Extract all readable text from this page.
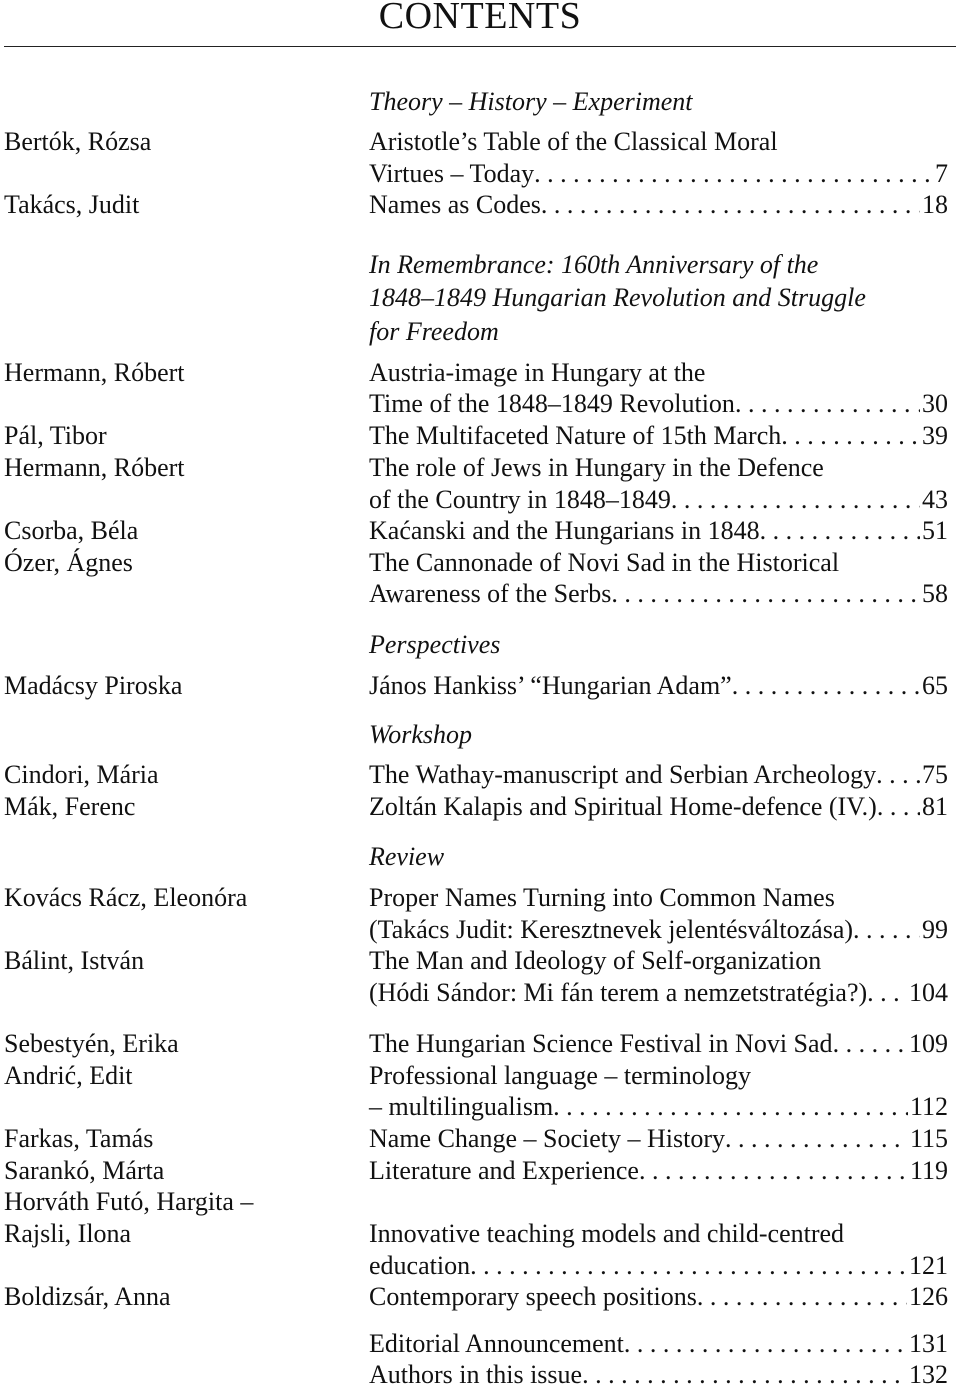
CONTENTS
Theory – History – Experiment
Bertók, Rózsa	Aristotle’s Table of the Classical Moral
Virtues – Today . . .	7
Takács, Judit	Names as Codes . . .	18
In Remembrance: 160th Anniversary of the
1848–1849 Hungarian Revolution and Struggle
for Freedom
Hermann, Róbert	Austria-image in Hungary at the
Time of the 1848–1849 Revolution . . .	30
Pál, Tibor	The Multifaceted Nature of 15th March . . .	39
Hermann, Róbert	The role of Jews in Hungary in the Defence
of the Country in 1848–1849 . . .	43
Csorba, Béla	Kaćanski and the Hungarians in 1848 . . .	51
Ózer, Ágnes	The Cannonade of Novi Sad in the Historical
Awareness of the Serbs . . .	58
Perspectives
Madácsy Piroska	János Hankiss’ “Hungarian Adam” . . .	65
Workshop
Cindori, Mária	The Wathay-manuscript and Serbian Archeology . . . 75
Mák, Ferenc	Zoltán Kalapis and Spiritual Home-defence (IV.) . . . 81
Review
Kovács Rácz, Eleonóra	Proper Names Turning into Common Names
(Takács Judit: Keresztnevek jelentésváltozása) . . .	99
Bálint, István	The Man and Ideology of Self-organization
(Hódi Sándor: Mi fán terem a nemzetstratégia?) . . . 104
Sebestyén, Erika	The Hungarian Science Festival in Novi Sad . . .	109
Andrić, Edit	Professional language – terminology
– multilingualism . . .	112
Farkas, Tamás	Name Change – Society – History . . .	115
Sarankó, Márta	Literature and Experience . . .	119
Horváth Futó, Hargita –
Rajsli, Ilona	Innovative teaching models and child-centred
education . . .	121
Boldizsár, Anna	Contemporary speech positions . . .	126
Editorial Announcement . . .	131
Authors in this issue . . .	132
